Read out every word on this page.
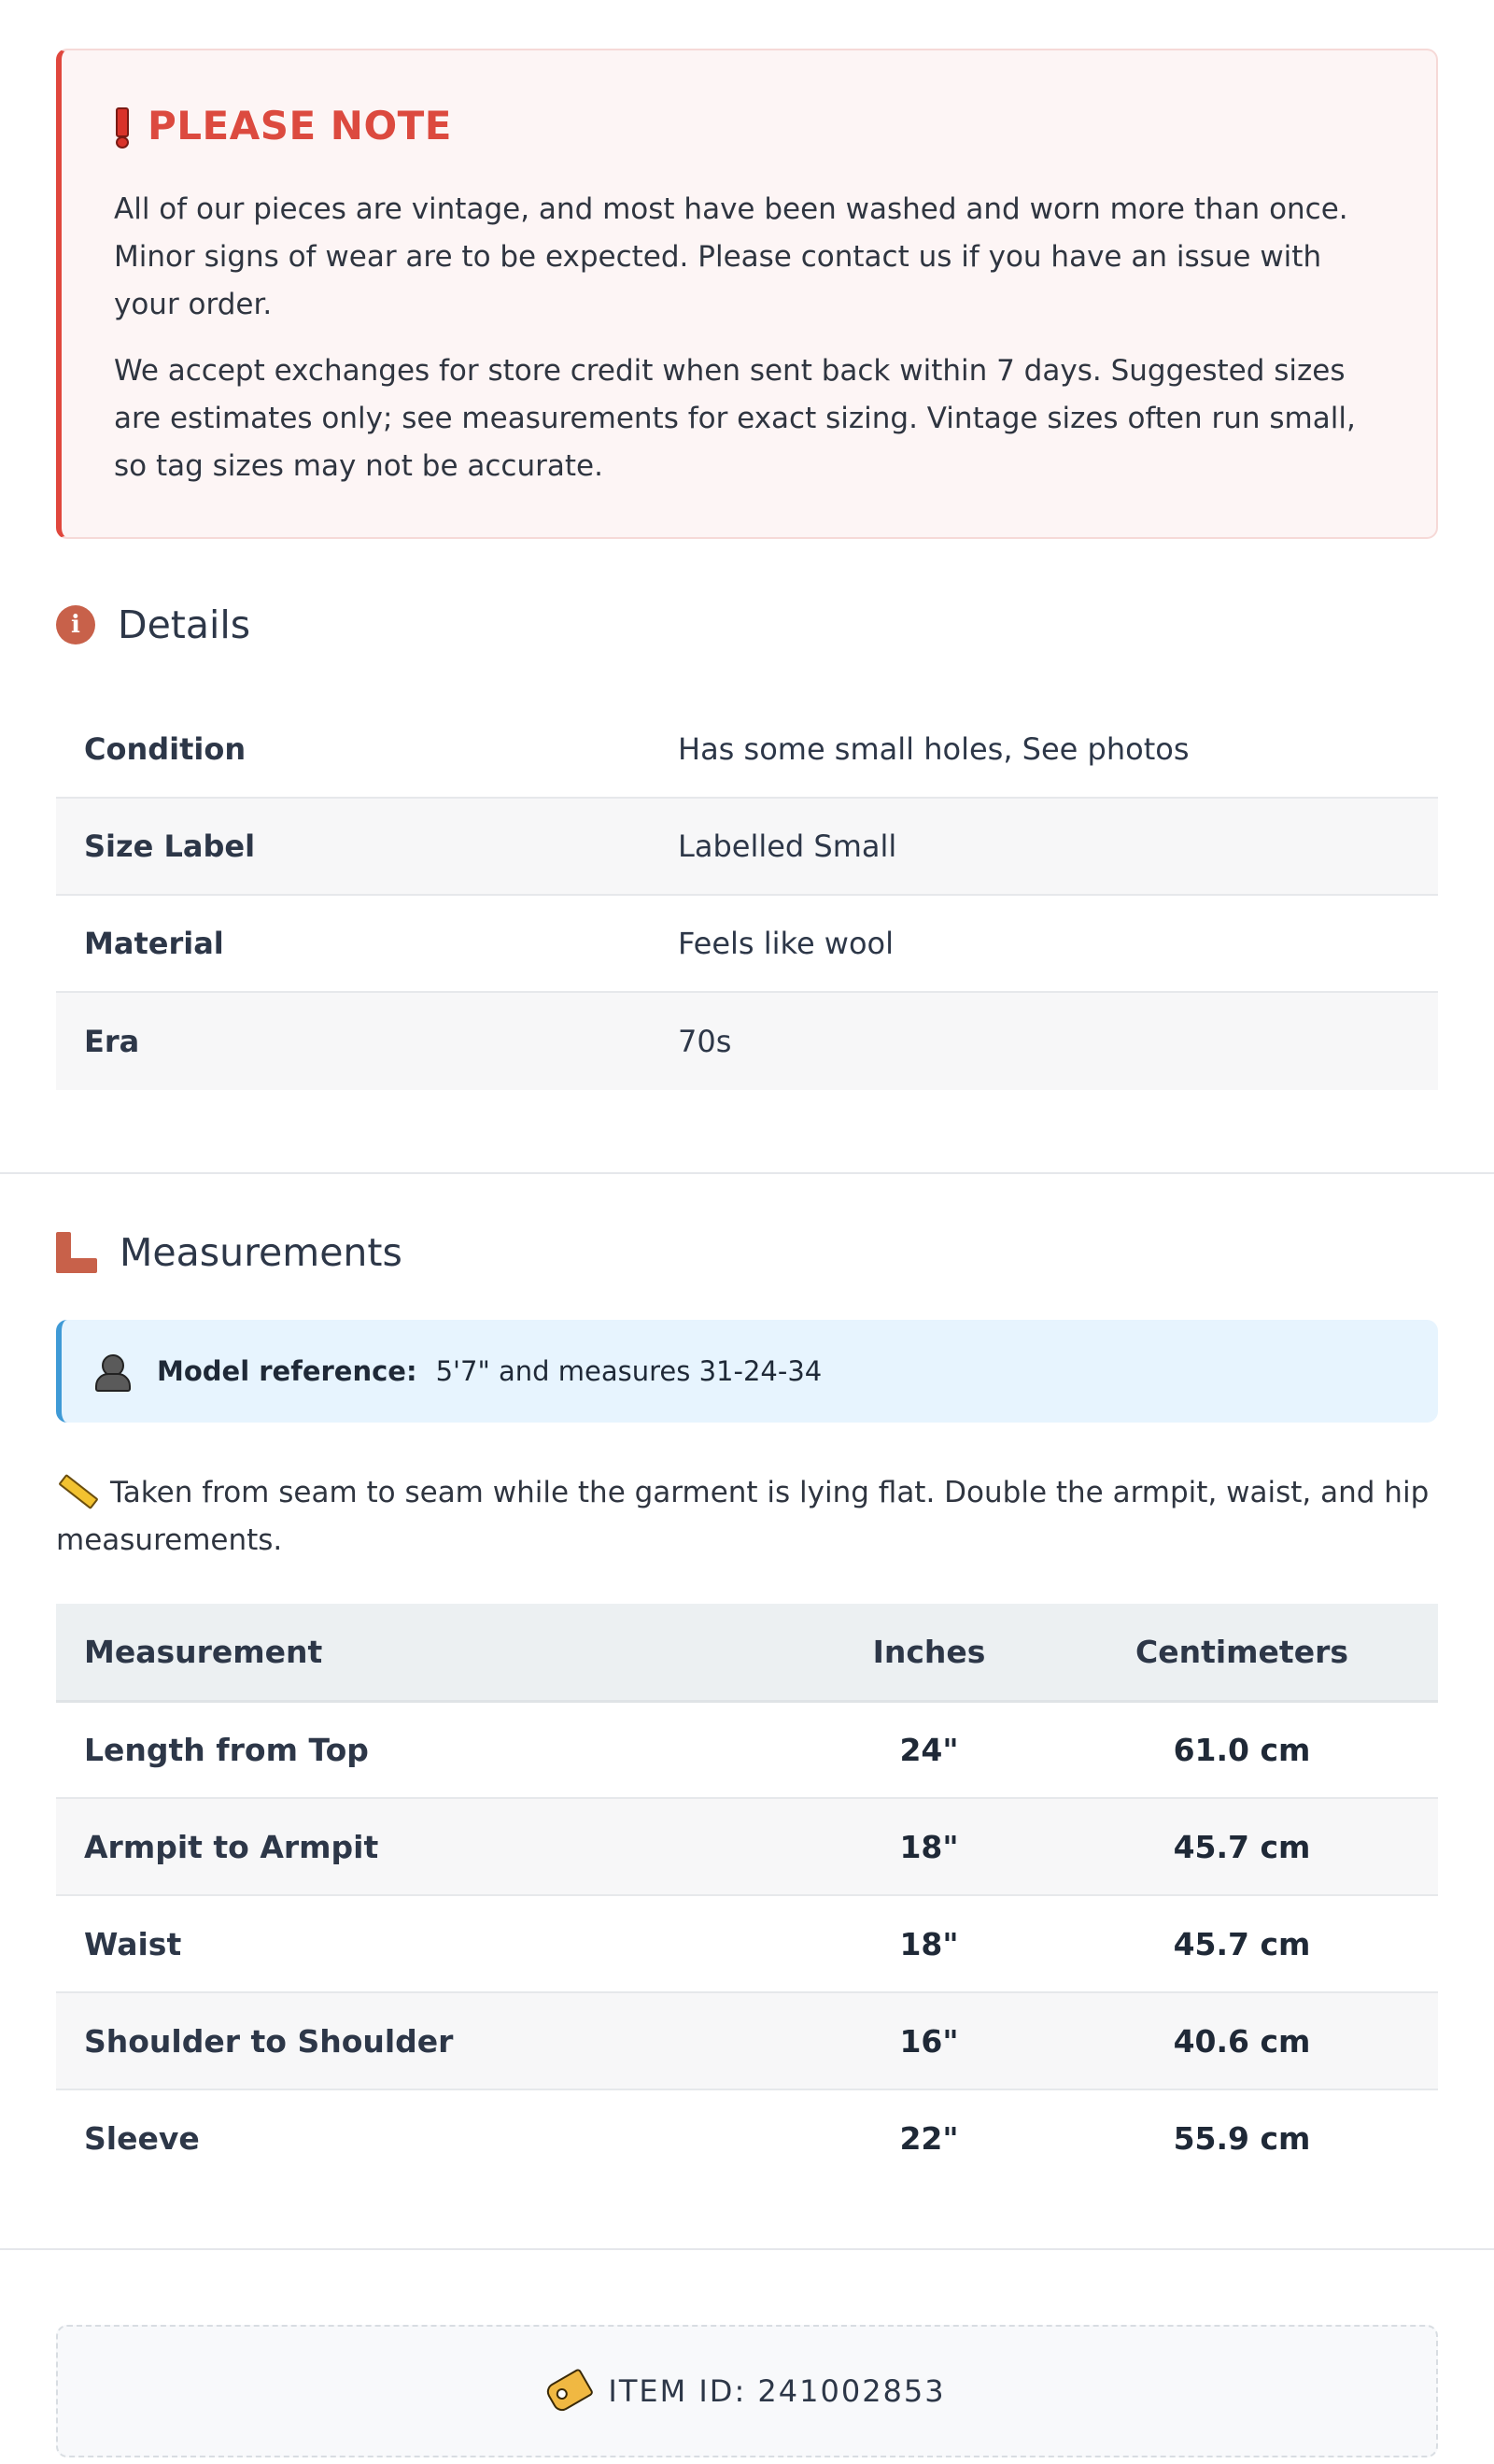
PLEASE NOTE

All of our pieces are vintage, and most have been washed and worn more than once. Minor signs of wear are to be expected. Please contact us if you have an issue with your order.

We accept exchanges for store credit when sent back within 7 days. Suggested sizes are estimates only; see measurements for exact sizing. Vintage sizes often run small, so tag sizes may not be accurate.

i Details
Condition	Has some small holes, See photos
Size Label	Labelled Small
Material	Feels like wool
Era	70s
Measurements
Model reference: 5'7" and measures 31-24-34
Taken from seam to seam while the garment is lying flat. Double the armpit, waist, and hip measurements.
Measurement	Inches	Centimeters
Length from Top	24"	61.0 cm
Armpit to Armpit	18"	45.7 cm
Waist	18"	45.7 cm
Shoulder to Shoulder	16"	40.6 cm
Sleeve	22"	55.9 cm
ITEM ID: 241002853
